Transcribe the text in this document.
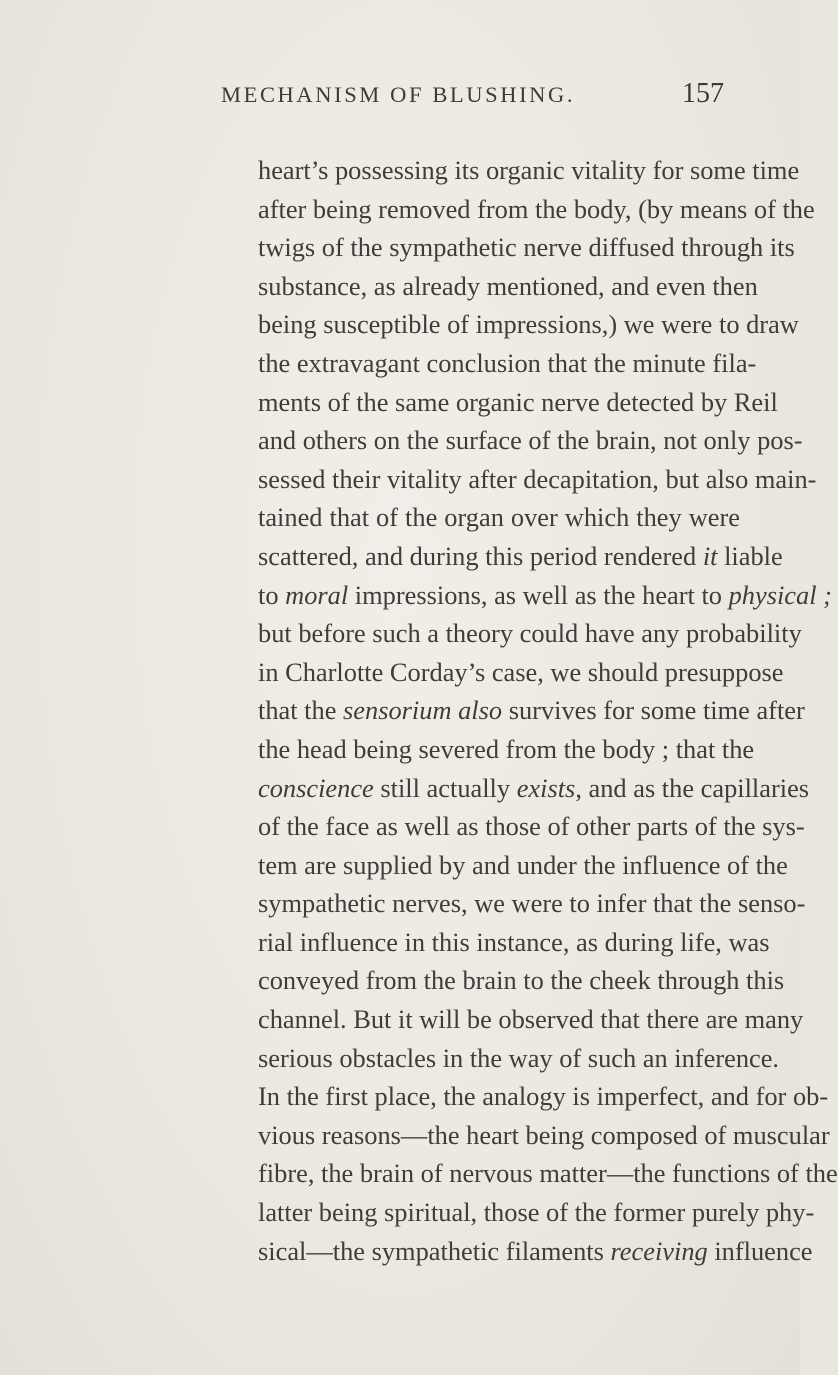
MECHANISM OF BLUSHING.	157
heart’s possessing its organic vitality for some time
after being removed from the body, (by means of the
twigs of the sympathetic nerve diffused through its
substance, as already mentioned, and even then
being susceptible of impressions,) we were to draw
the extravagant conclusion that the minute fila-
ments of the same organic nerve detected by Reil
and others on the surface of the brain, not only pos-
sessed their vitality after decapitation, but also main-
tained that of the organ over which they were
scattered, and during this period rendered it liable
to moral impressions, as well as the heart to physical ;
but before such a theory could have any probability
in Charlotte Corday’s case, we should presuppose
that the sensorium also survives for some time after
the head being severed from the body ; that the
conscience still actually exists, and as the capillaries
of the face as well as those of other parts of the sys-
tem are supplied by and under the influence of the
sympathetic nerves, we were to infer that the senso-
rial influence in this instance, as during life, was
conveyed from the brain to the cheek through this
channel. But it will be observed that there are many
serious obstacles in the way of such an inference.
In the first place, the analogy is imperfect, and for ob-
vious reasons—the heart being composed of muscular
fibre, the brain of nervous matter—the functions of the
latter being spiritual, those of the former purely phy-
sical—the sympathetic filaments receiving influence
